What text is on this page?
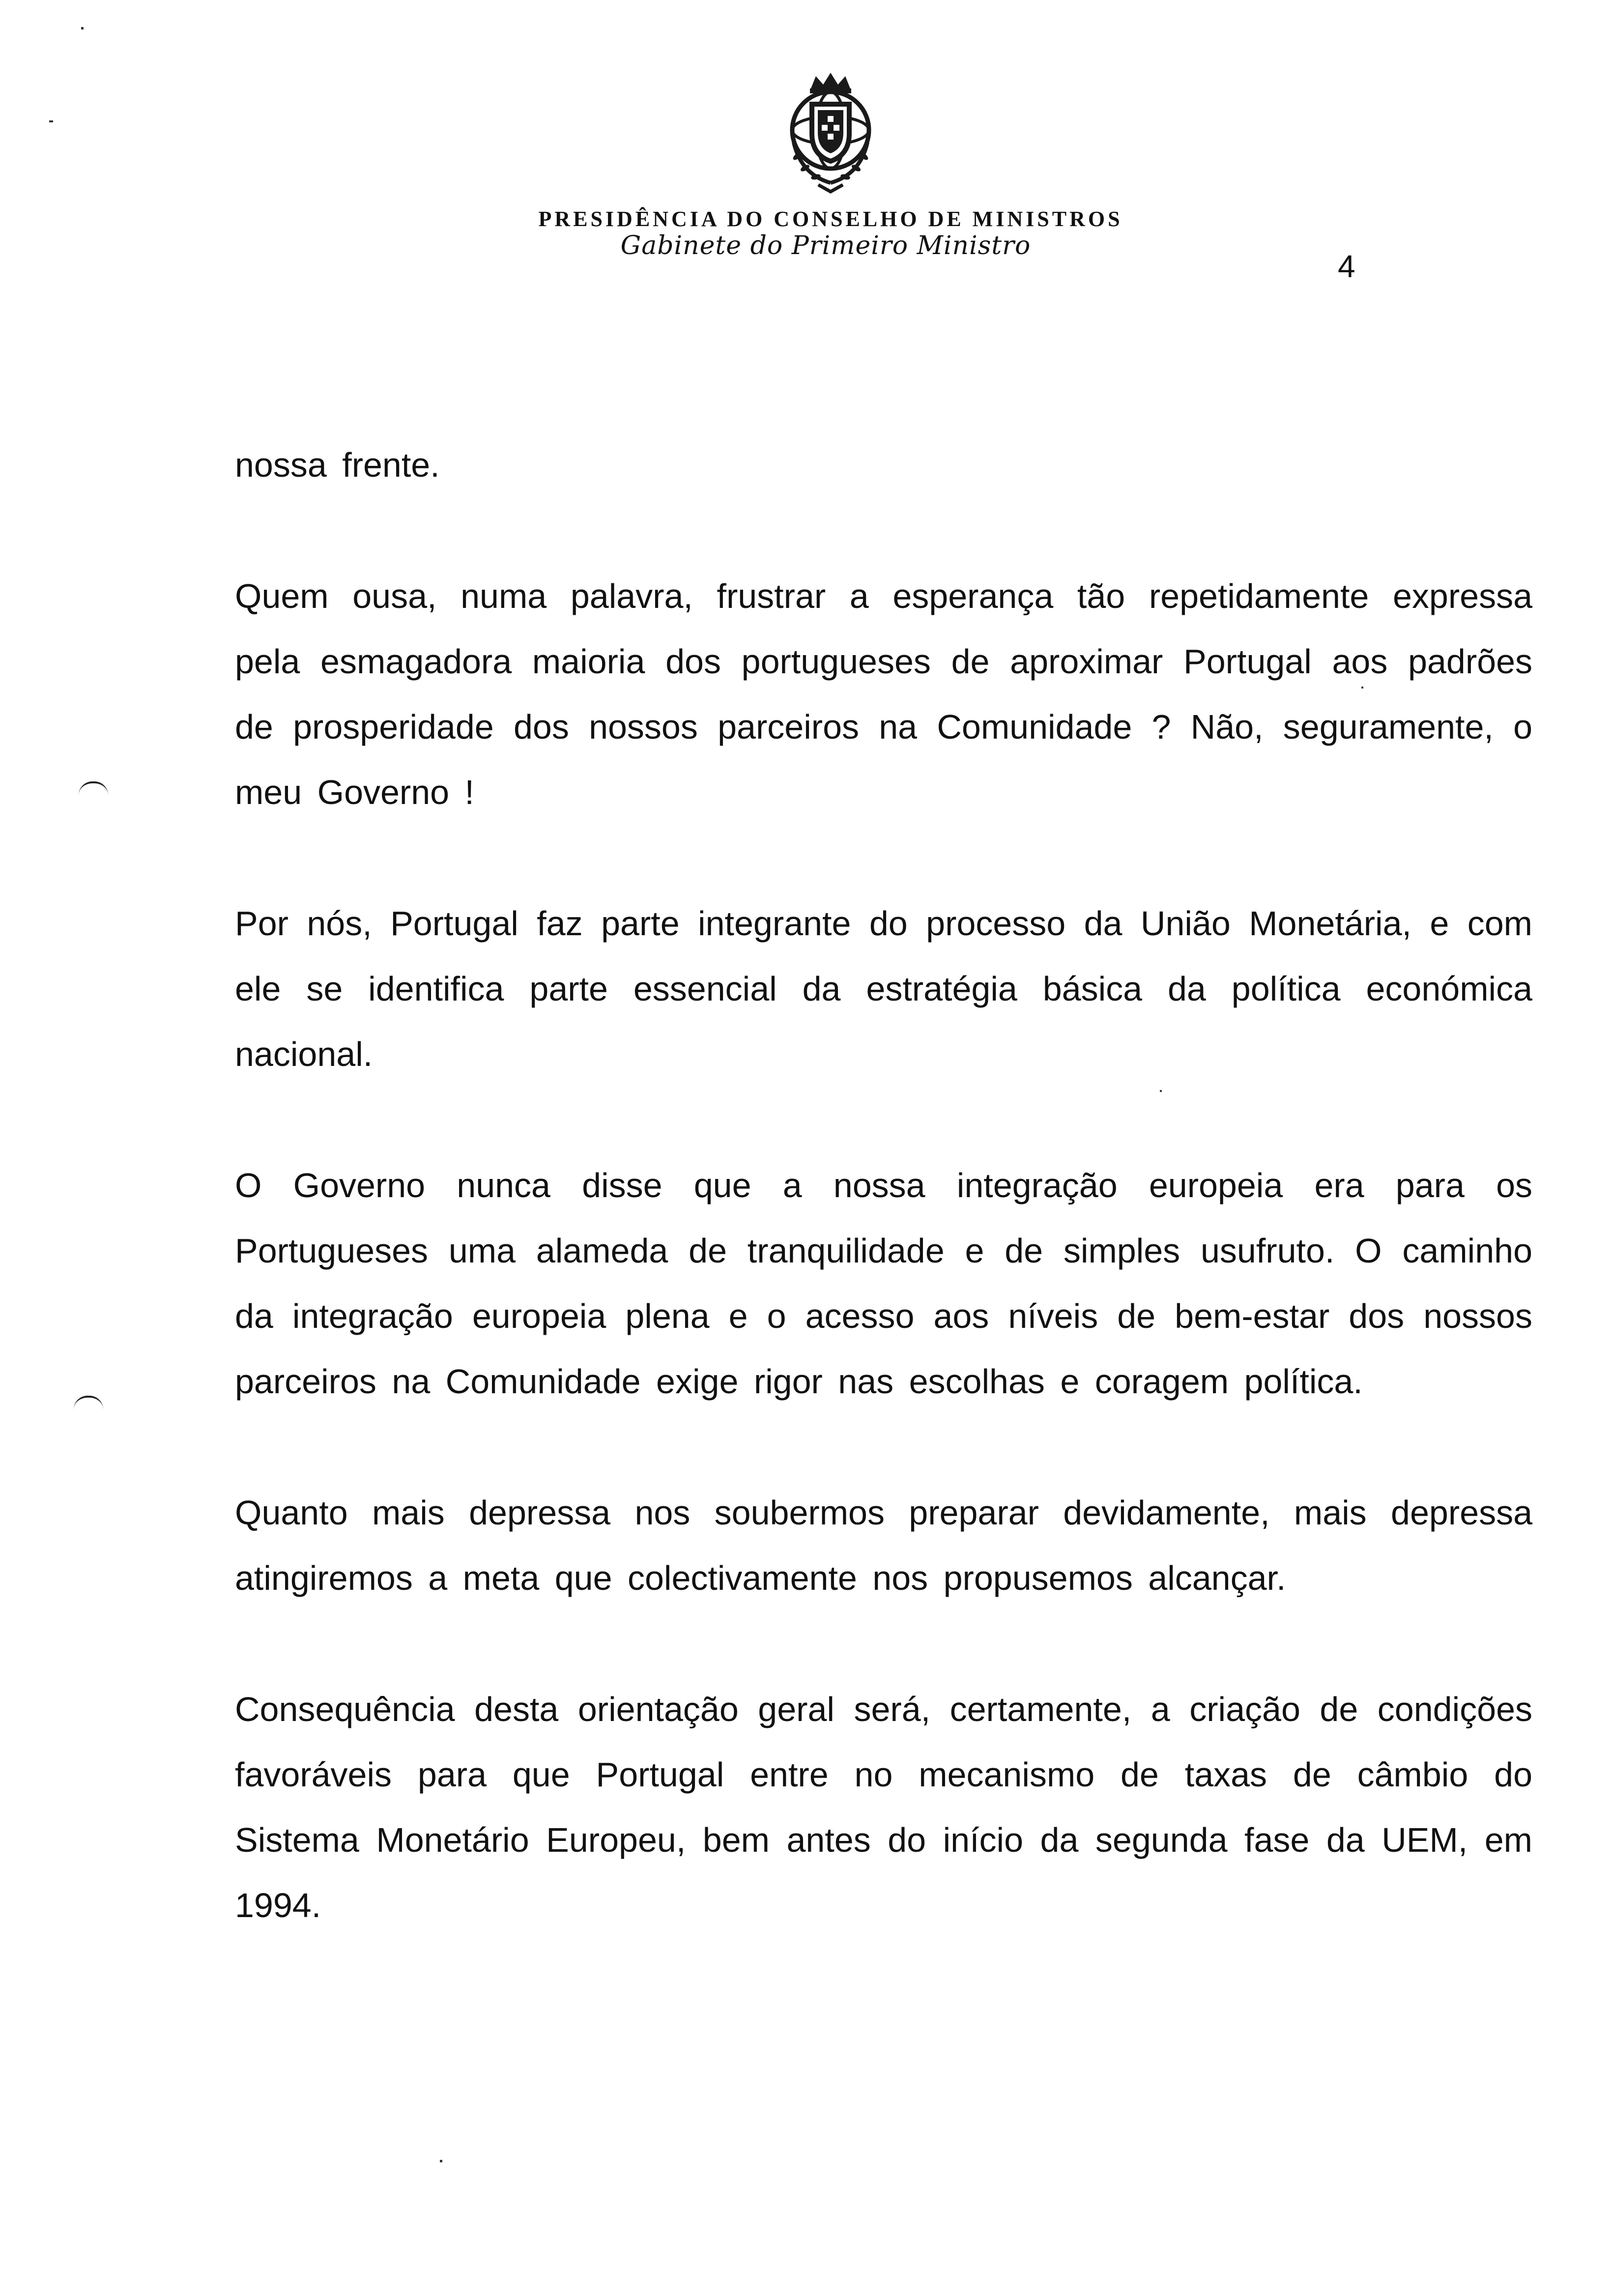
PRESIDÊNCIA DO CONSELHO DE MINISTROS
Gabinete do Primeiro Ministro
4

nossa frente.

Quem ousa, numa palavra, frustrar a esperança tão repetidamente expressa pela esmagadora maioria dos portugueses de aproximar Portugal aos padrões de prosperidade dos nossos parceiros na Comunidade ? Não, seguramente, o meu Governo !

Por nós, Portugal faz parte integrante do processo da União Monetária, e com ele se identifica parte essencial da estratégia básica da política económica nacional.

O Governo nunca disse que a nossa integração europeia era para os Portugueses uma alameda de tranquilidade e de simples usufruto. O caminho da integração europeia plena e o acesso aos níveis de bem-estar dos nossos parceiros na Comunidade exige rigor nas escolhas e coragem política.

Quanto mais depressa nos soubermos preparar devidamente, mais depressa atingiremos a meta que colectivamente nos propusemos alcançar.

Consequência desta orientação geral será, certamente, a criação de condições favoráveis para que Portugal entre no mecanismo de taxas de câmbio do Sistema Monetário Europeu, bem antes do início da segunda fase da UEM, em 1994.
